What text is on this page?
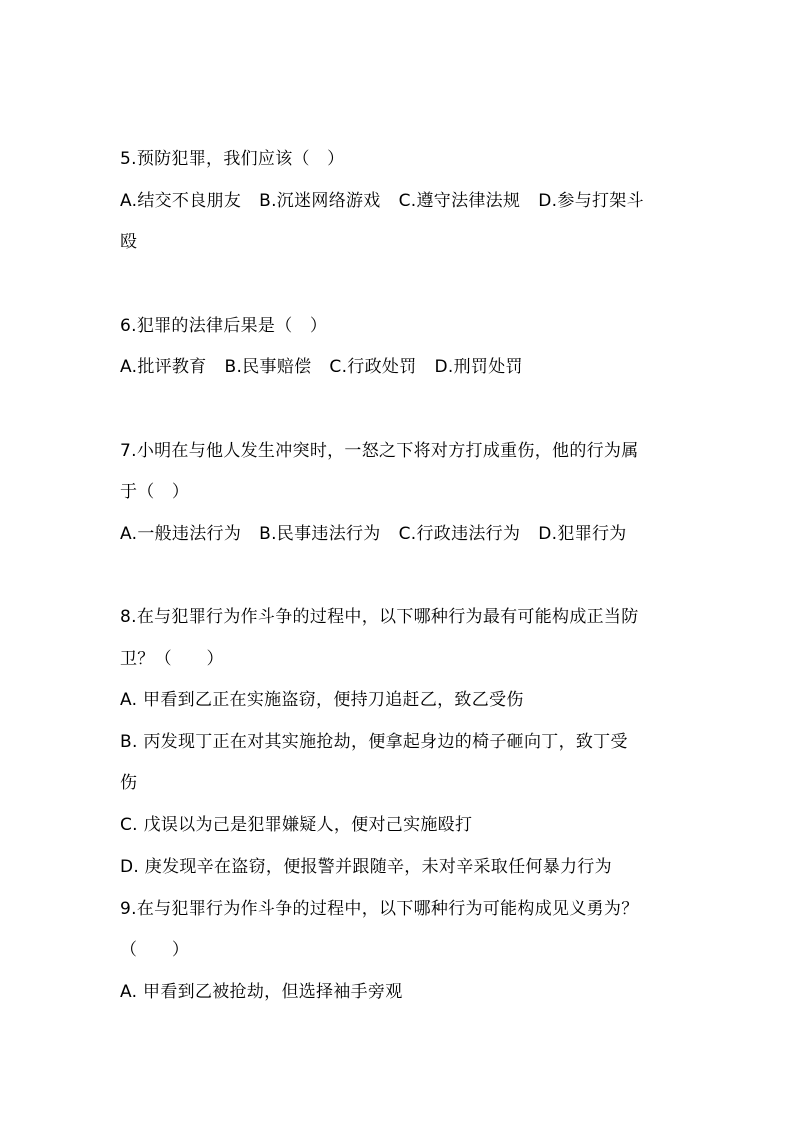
5.预防犯罪，我们应该（　）
A.结交不良朋友 B.沉迷网络游戏 C.遵守法律法规 D.参与打架斗
殴
6.犯罪的法律后果是（　）
A.批评教育 B.民事赔偿 C.行政处罚 D.刑罚处罚
7.小明在与他人发生冲突时，一怒之下将对方打成重伤，他的行为属
于（　）
A.一般违法行为 B.民事违法行为 C.行政违法行为 D.犯罪行为
8.在与犯罪行为作斗争的过程中，以下哪种行为最有可能构成正当防
卫？（　　）
A. 甲看到乙正在实施盗窃，便持刀追赶乙，致乙受伤
B. 丙发现丁正在对其实施抢劫，便拿起身边的椅子砸向丁，致丁受
伤
C. 戊误以为己是犯罪嫌疑人，便对己实施殴打
D. 庚发现辛在盗窃，便报警并跟随辛，未对辛采取任何暴力行为
9.在与犯罪行为作斗争的过程中，以下哪种行为可能构成见义勇为？
（　　）
A. 甲看到乙被抢劫，但选择袖手旁观
